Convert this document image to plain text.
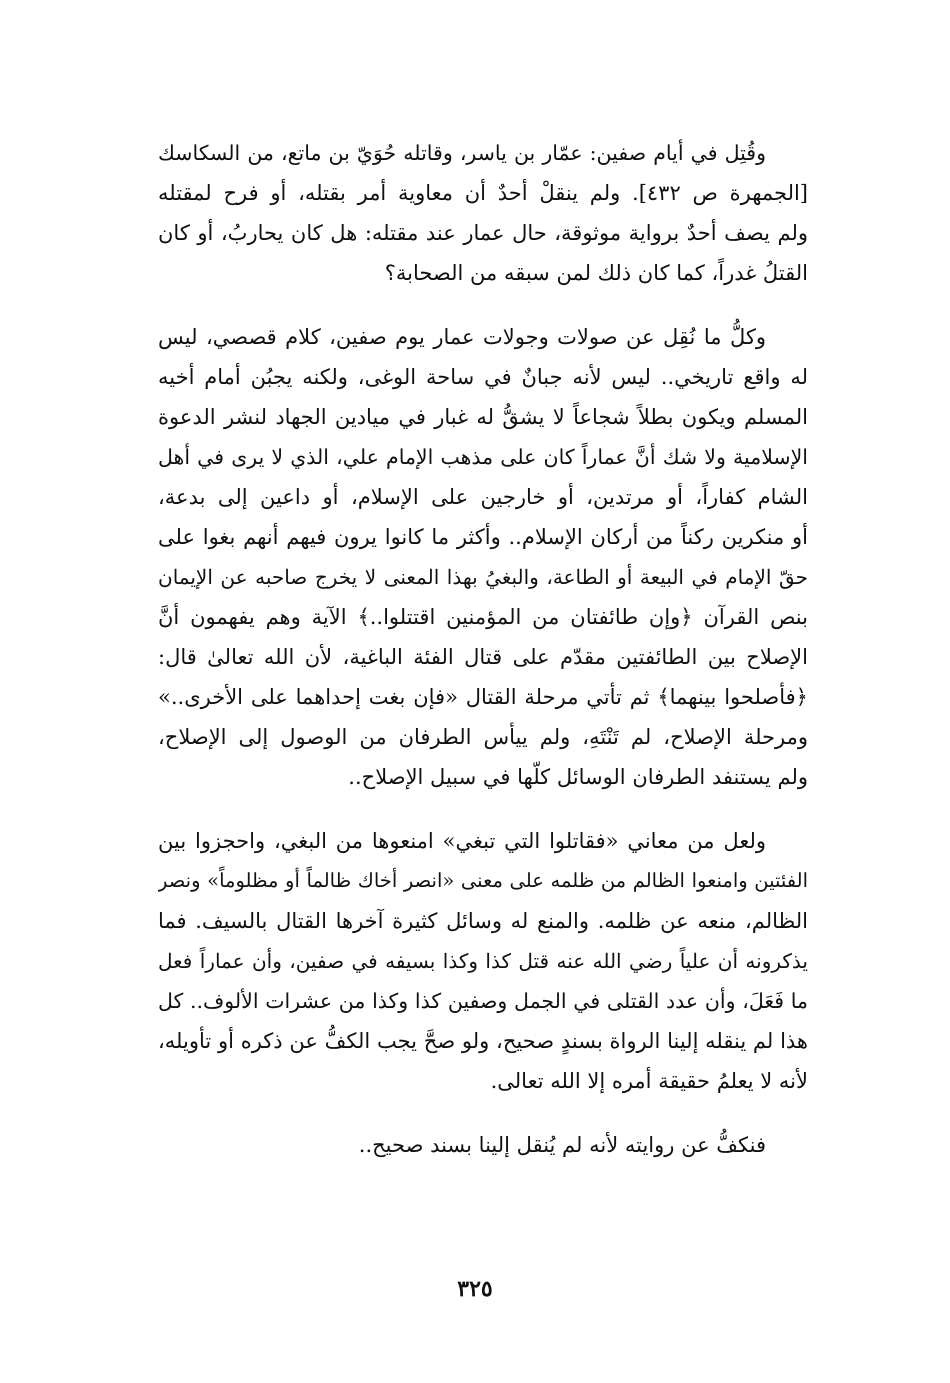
وقُتِل في أيام صفين: عمّار بن ياسر، وقاتله حُوَيّ بن ماتع، من السكاسك
[الجمهرة ص ٤٣٢]. ولم ينقلْ أحدٌ أن معاوية أمر بقتله، أو فرح لمقتله
ولم يصف أحدٌ برواية موثوقة، حال عمار عند مقتله: هل كان يحاربُ، أو كان
القتلُ غدراً، كما كان ذلك لمن سبقه من الصحابة؟

وكلُّ ما نُقِل عن صولات وجولات عمار يوم صفين، كلام قصصي، ليس
له واقع تاريخي.. ليس لأنه جبانٌ في ساحة الوغى، ولكنه يجبُن أمام أخيه
المسلم ويكون بطلاً شجاعاً لا يشقُّ له غبار في ميادين الجهاد لنشر الدعوة
الإسلامية ولا شك أنَّ عماراً كان على مذهب الإمام علي، الذي لا يرى في أهل
الشام كفاراً، أو مرتدين، أو خارجين على الإسلام، أو داعين إلى بدعة،
أو منكرين ركناً من أركان الإسلام.. وأكثر ما كانوا يرون فيهم أنهم بغوا على
حقّ الإمام في البيعة أو الطاعة، والبغيُ بهذا المعنى لا يخرج صاحبه عن الإيمان
بنص القرآن ﴿وإن طائفتان من المؤمنين اقتتلوا..﴾ الآية وهم يفهمون أنَّ
الإصلاح بين الطائفتين مقدّم على قتال الفئة الباغية، لأن الله تعالىٰ قال:
﴿فأصلحوا بينهما﴾ ثم تأتي مرحلة القتال «فإن بغت إحداهما على الأخرى..»
ومرحلة الإصلاح، لم تَنْتَهِ، ولم ييأس الطرفان من الوصول إلى الإصلاح،
ولم يستنفد الطرفان الوسائل كلّها في سبيل الإصلاح..

ولعل من معاني «فقاتلوا التي تبغي» امنعوها من البغي، واحجزوا بين
الفئتين وامنعوا الظالم من ظلمه على معنى «انصر أخاك ظالماً أو مظلوماً» ونصر
الظالم، منعه عن ظلمه. والمنع له وسائل كثيرة آخرها القتال بالسيف. فما
يذكرونه أن علياً رضي الله عنه قتل كذا وكذا بسيفه في صفين، وأن عماراً فعل
ما فَعَلَ، وأن عدد القتلى في الجمل وصفين كذا وكذا من عشرات الألوف.. كل
هذا لم ينقله إلينا الرواة بسندٍ صحيح، ولو صحَّ يجب الكفُّ عن ذكره أو تأويله،
لأنه لا يعلمُ حقيقة أمره إلا الله تعالى.

فنكفُّ عن روايته لأنه لم يُنقل إلينا بسند صحيح..

٣٢٥
